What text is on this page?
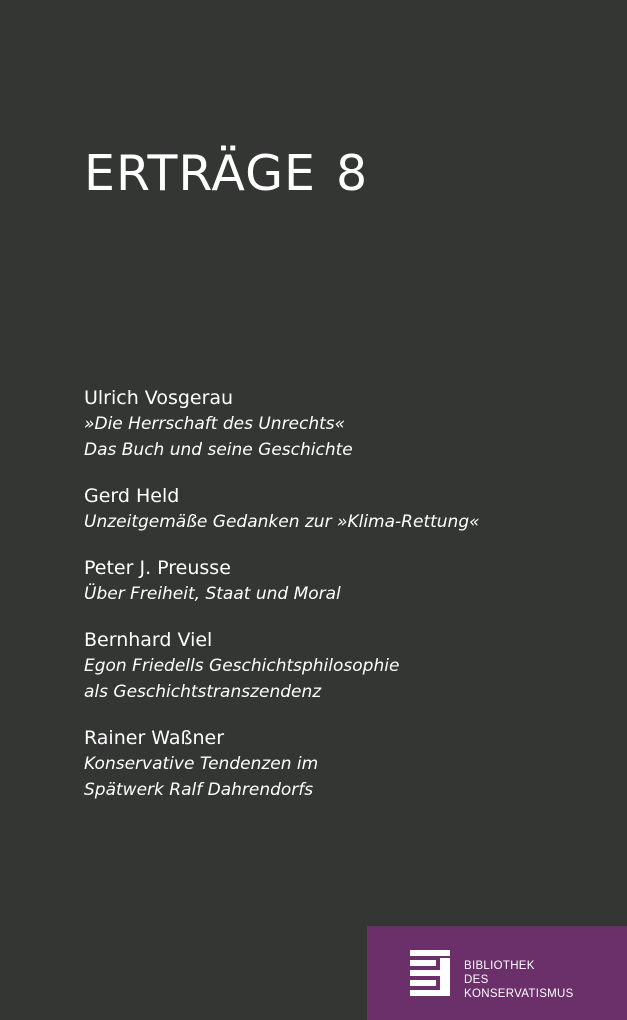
ERTRÄGE 8
Ulrich Vosgerau
»Die Herrschaft des Unrechts«
Das Buch und seine Geschichte
Gerd Held
Unzeitgemäße Gedanken zur »Klima-Rettung«
Peter J. Preusse
Über Freiheit, Staat und Moral
Bernhard Viel
Egon Friedells Geschichtsphilosophie
als Geschichtstranszendenz
Rainer Waßner
Konservative Tendenzen im
Spätwerk Ralf Dahrendorfs
BIBLIOTHEK
DES
KONSERVATISMUS
